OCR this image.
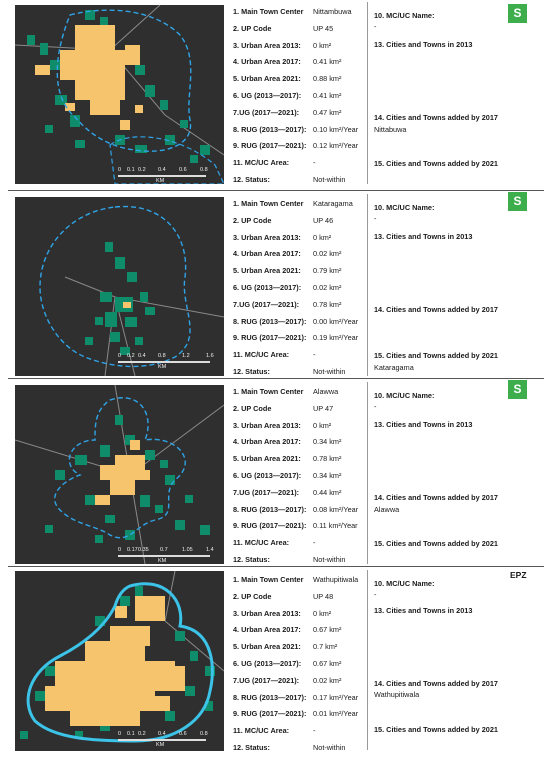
0 0.1 0.2 0.4 0.6 0.8
KM
1. Main Town Center Nittambuwa
2. UP Code	UP 45
3. Urban Area 2013: 0 km²
4. Urban Area 2017: 0.41 km²
5. Urban Area 2021: 0.88 km²
6. UG (2013—2017): 0.41 km²
7.UG (2017—2021): 0.47 km²
8. RUG (2013—2017): 0.10 km²/Year
9. RUG (2017—2021): 0.12 km²/Year
11. MC/UC Area:	-
12. Status:	Not-within
10. MC/UC Name:
-
13. Cities and Towns in 2013
14. Cities and Towns added by 2017
Nittabuwa
15. Cities and Towns added by 2021
S
0 0.2 0.4 0.8	1.2	1.6
KM
1. Main Town Center Kataragama
2. UP Code	UP 46
3. Urban Area 2013: 0 km²
4. Urban Area 2017: 0.02 km²
5. Urban Area 2021: 0.79 km²
6. UG (2013—2017): 0.02 km²
7.UG (2017—2021): 0.78 km²
8. RUG (2013—2017): 0.00 km²/Year
9. RUG (2017—2021): 0.19 km²/Year
11. MC/UC Area:	-
12. Status:	Not-within
10. MC/UC Name:
-
13. Cities and Towns in 2013
14. Cities and Towns added by 2017
15. Cities and Towns added by 2021
Kataragama
S
0 0.17 0.35 0.7	1.05 1.4
KM
1. Main Town Center Alawwa
2. UP Code	UP 47
3. Urban Area 2013: 0 km²
4. Urban Area 2017: 0.34 km²
5. Urban Area 2021: 0.78 km²
6. UG (2013—2017): 0.34 km²
7.UG (2017—2021): 0.44 km²
8. RUG (2013—2017): 0.08 km²/Year
9. RUG (2017—2021): 0.11 km²/Year
11. MC/UC Area:	-
12. Status:	Not-within
10. MC/UC Name:
-
13. Cities and Towns in 2013
14. Cities and Towns added by 2017
Alawwa
15. Cities and Towns added by 2021
S
0 0.1 0.2 0.4 0.6 0.8
KM
1. Main Town Center Wathupitiwala
2. UP Code	UP 48
3. Urban Area 2013: 0 km²
4. Urban Area 2017: 0.67 km²
5. Urban Area 2021: 0.7 km²
6. UG (2013—2017): 0.67 km²
7.UG (2017—2021): 0.02 km²
8. RUG (2013—2017): 0.17 km²/Year
9. RUG (2017—2021): 0.01 km²/Year
11. MC/UC Area:	-
12. Status:	Not-within
10. MC/UC Name:
-
13. Cities and Towns in 2013
14. Cities and Towns added by 2017
Wathupitiwala
15. Cities and Towns added by 2021
EPZ
